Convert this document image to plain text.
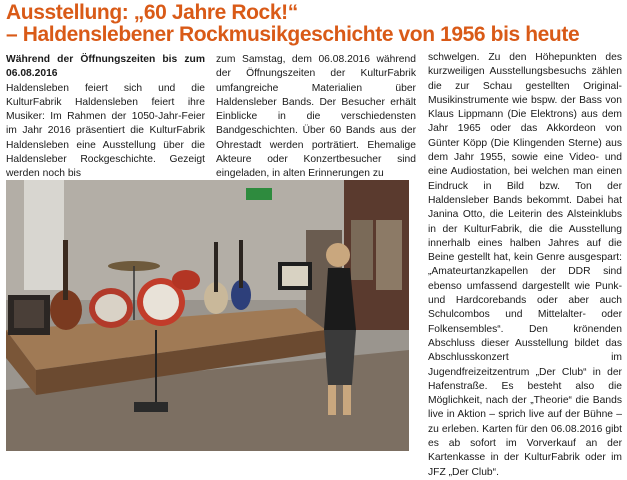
Ausstellung: „60 Jahre Rock!“
– Haldenslebener Rockmusikgeschichte von 1956 bis heute
Während der Öffnungszeiten bis zum 06.08.2016
Haldensleben feiert sich und die KulturFabrik Haldensleben feiert ihre Musiker: Im Rahmen der 1050-Jahr-Feier im Jahr 2016 präsentiert die KulturFabrik Haldensleben eine Ausstellung über die Haldensleber Rockgeschichte. Gezeigt werden noch bis
zum Samstag, dem 06.08.2016 während der Öffnungszeiten der KulturFabrik umfangreiche Materialien über Haldensleber Bands. Der Besucher erhält Einblicke in die verschiedensten Bandgeschichten. Über 60 Bands aus der Ohrestadt werden porträtiert. Ehemalige Akteure oder Konzertbesucher sind eingeladen, in alten Erinnerungen zu
schwelgen. Zu den Höhepunkten des kurzweiligen Ausstellungsbesuchs zählen die zur Schau gestellten Original-Musikinstrumente wie bspw. der Bass von Klaus Lippmann (Die Elektrons) aus dem Jahr 1965 oder das Akkordeon von Günter Köpp (Die Klingenden Sterne) aus dem Jahr 1955, sowie eine Video- und eine Audiostation, bei welchen man einen Eindruck in Bild bzw. Ton der Haldensleber Bands bekommt. Dabei hat Janina Otto, die Leiterin des Alsteinklubs in der KulturFabrik, die die Ausstellung innerhalb eines halben Jahres auf die Beine gestellt hat, kein Genre ausgespart: „Amateurtanzkapellen der DDR sind ebenso umfassend dargestellt wie Punk- und Hardcorebands oder aber auch Schulcombos und Mittelalter- oder Folkensembles“. Den krönenden Abschluss dieser Ausstellung bildet das Abschlusskonzert im Jugendfreizeitzentrum „Der Club“ in der Hafenstraße. Es besteht also die Möglichkeit, nach der „Theorie“ die Bands live in Aktion – sprich live auf der Bühne – zu erleben. Karten für den 06.08.2016 gibt es ab sofort im Vorverkauf an der Kartenkasse in der KulturFabrik oder im JFZ „Der Club“.
